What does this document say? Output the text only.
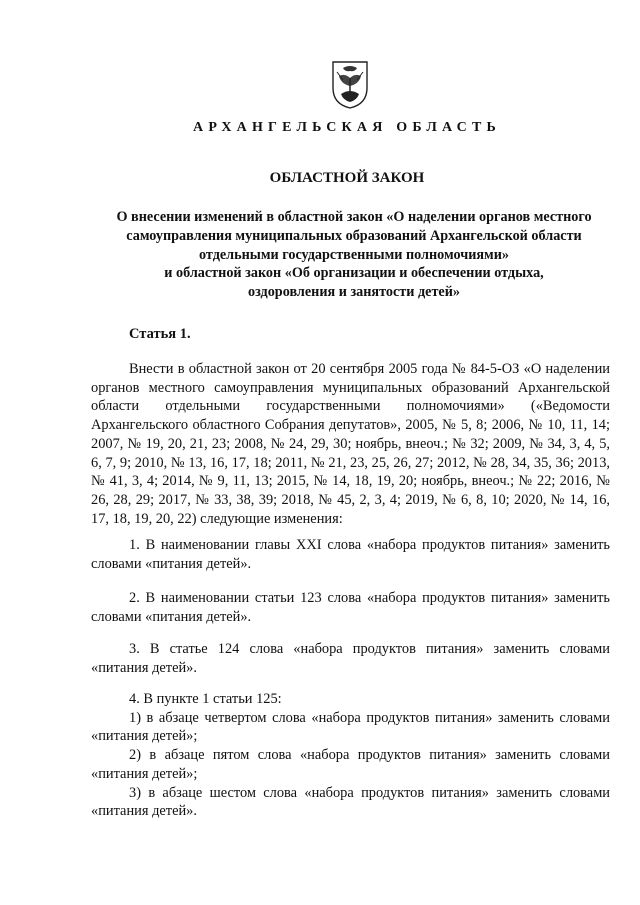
АРХАНГЕЛЬСКАЯ ОБЛАСТЬ
ОБЛАСТНОЙ ЗАКОН
О внесении изменений в областной закон «О наделении органов местного
самоуправления муниципальных образований Архангельской области
отдельными государственными полномочиями»
и областной закон «Об организации и обеспечении отдыха,
оздоровления и занятости детей»
Статья 1.

Внести в областной закон от 20 сентября 2005 года № 84-5-ОЗ «О наделении органов местного самоуправления муниципальных образований Архангельской области отдельными государственными полномочиями» («Ведомости Архангельского областного Собрания депутатов», 2005, № 5, 8; 2006, № 10, 11, 14; 2007, № 19, 20, 21, 23; 2008, № 24, 29, 30; ноябрь, внеоч.; № 32; 2009, № 34, 3, 4, 5, 6, 7, 9; 2010, № 13, 16, 17, 18; 2011, № 21, 23, 25, 26, 27; 2012, № 28, 34, 35, 36; 2013, № 41, 3, 4; 2014, № 9, 11, 13; 2015, № 14, 18, 19, 20; ноябрь, внеоч.; № 22; 2016, № 26, 28, 29; 2017, № 33, 38, 39; 2018, № 45, 2, 3, 4; 2019, № 6, 8, 10; 2020, № 14, 16, 17, 18, 19, 20, 22) следующие изменения:

1. В наименовании главы XXI слова «набора продуктов питания» заменить словами «питания детей».

2. В наименовании статьи 123 слова «набора продуктов питания» заменить словами «питания детей».

3. В статье 124 слова «набора продуктов питания» заменить словами «питания детей».

4. В пункте 1 статьи 125:

1) в абзаце четвертом слова «набора продуктов питания» заменить словами «питания детей»;

2) в абзаце пятом слова «набора продуктов питания» заменить словами «питания детей»;

3) в абзаце шестом слова «набора продуктов питания» заменить словами «питания детей».
